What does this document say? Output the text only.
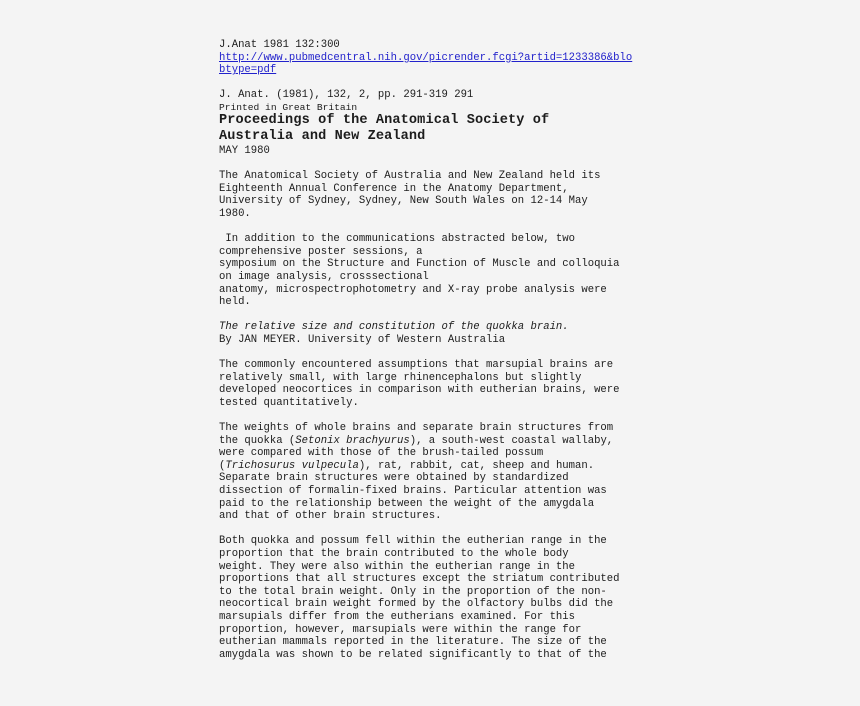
J.Anat 1981 132:300
http://www.pubmedcentral.nih.gov/picrender.fcgi?artid=1233386&blo
btype=pdf
J. Anat. (1981), 132, 2, pp. 291-319 291
Printed in Great Britain
Proceedings of the Anatomical Society of
Australia and New Zealand
MAY 1980
The Anatomical Society of Australia and New Zealand held its
Eighteenth Annual Conference in the Anatomy Department,
University of Sydney, Sydney, New South Wales on 12-14 May
1980.
In addition to the communications abstracted below, two
comprehensive poster sessions, a
symposium on the Structure and Function of Muscle and colloquia
on image analysis, crosssectional
anatomy, microspectrophotometry and X-ray probe analysis were
held.
The relative size and constitution of the quokka brain.
By JAN MEYER. University of Western Australia
The commonly encountered assumptions that marsupial brains are
relatively small, with large rhinencephalons but slightly
developed neocortices in comparison with eutherian brains, were
tested quantitatively.
The weights of whole brains and separate brain structures from
the quokka (Setonix brachyurus), a south-west coastal wallaby,
were compared with those of the brush-tailed possum
(Trichosurus vulpecula), rat, rabbit, cat, sheep and human.
Separate brain structures were obtained by standardized
dissection of formalin-fixed brains. Particular attention was
paid to the relationship between the weight of the amygdala
and that of other brain structures.
Both quokka and possum fell within the eutherian range in the
proportion that the brain contributed to the whole body
weight. They were also within the eutherian range in the
proportions that all structures except the striatum contributed
to the total brain weight. Only in the proportion of the non-
neocortical brain weight formed by the olfactory bulbs did the
marsupials differ from the eutherians examined. For this
proportion, however, marsupials were within the range for
eutherian mammals reported in the literature. The size of the
amygdala was shown to be related significantly to that of the
